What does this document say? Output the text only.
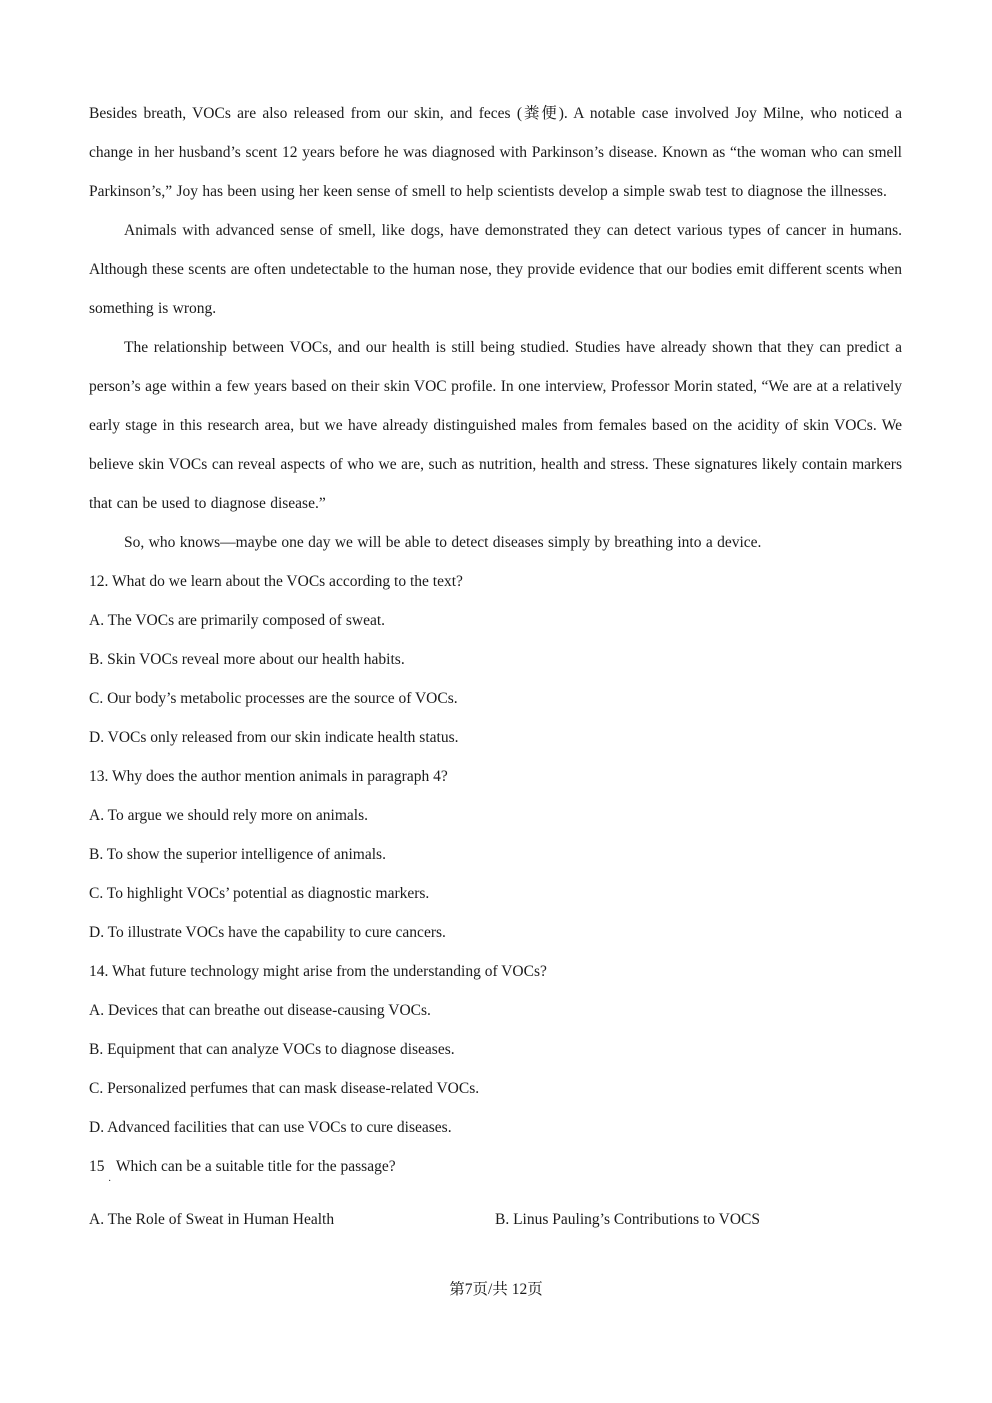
Besides breath, VOCs are also released from our skin, and feces (粪便). A notable case involved Joy Milne, who noticed a change in her husband’s scent 12 years before he was diagnosed with Parkinson’s disease. Known as “the woman who can smell Parkinson’s,” Joy has been using her keen sense of smell to help scientists develop a simple swab test to diagnose the illnesses.

Animals with advanced sense of smell, like dogs, have demonstrated they can detect various types of cancer in humans. Although these scents are often undetectable to the human nose, they provide evidence that our bodies emit different scents when something is wrong.

The relationship between VOCs, and our health is still being studied. Studies have already shown that they can predict a person’s age within a few years based on their skin VOC profile. In one interview, Professor Morin stated, “We are at a relatively early stage in this research area, but we have already distinguished males from females based on the acidity of skin VOCs. We believe skin VOCs can reveal aspects of who we are, such as nutrition, health and stress. These signatures likely contain markers that can be used to diagnose disease.”

So, who knows—maybe one day we will be able to detect diseases simply by breathing into a device.

12. What do we learn about the VOCs according to the text?

A. The VOCs are primarily composed of sweat.

B. Skin VOCs reveal more about our health habits.

C. Our body’s metabolic processes are the source of VOCs.

D. VOCs only released from our skin indicate health status.

13. Why does the author mention animals in paragraph 4?

A. To argue we should rely more on animals.

B. To show the superior intelligence of animals.

C. To highlight VOCs’ potential as diagnostic markers.

D. To illustrate VOCs have the capability to cure cancers.

14. What future technology might arise from the understanding of VOCs?

A. Devices that can breathe out disease-causing VOCs.

B. Equipment that can analyze VOCs to diagnose diseases.

C. Personalized perfumes that can mask disease-related VOCs.

D. Advanced facilities that can use VOCs to cure diseases.

15   Which can be a suitable title for the passage?

·
A. The Role of Sweat in Human Health	B. Linus Pauling’s Contributions to VOCS
第7页/共 12页
